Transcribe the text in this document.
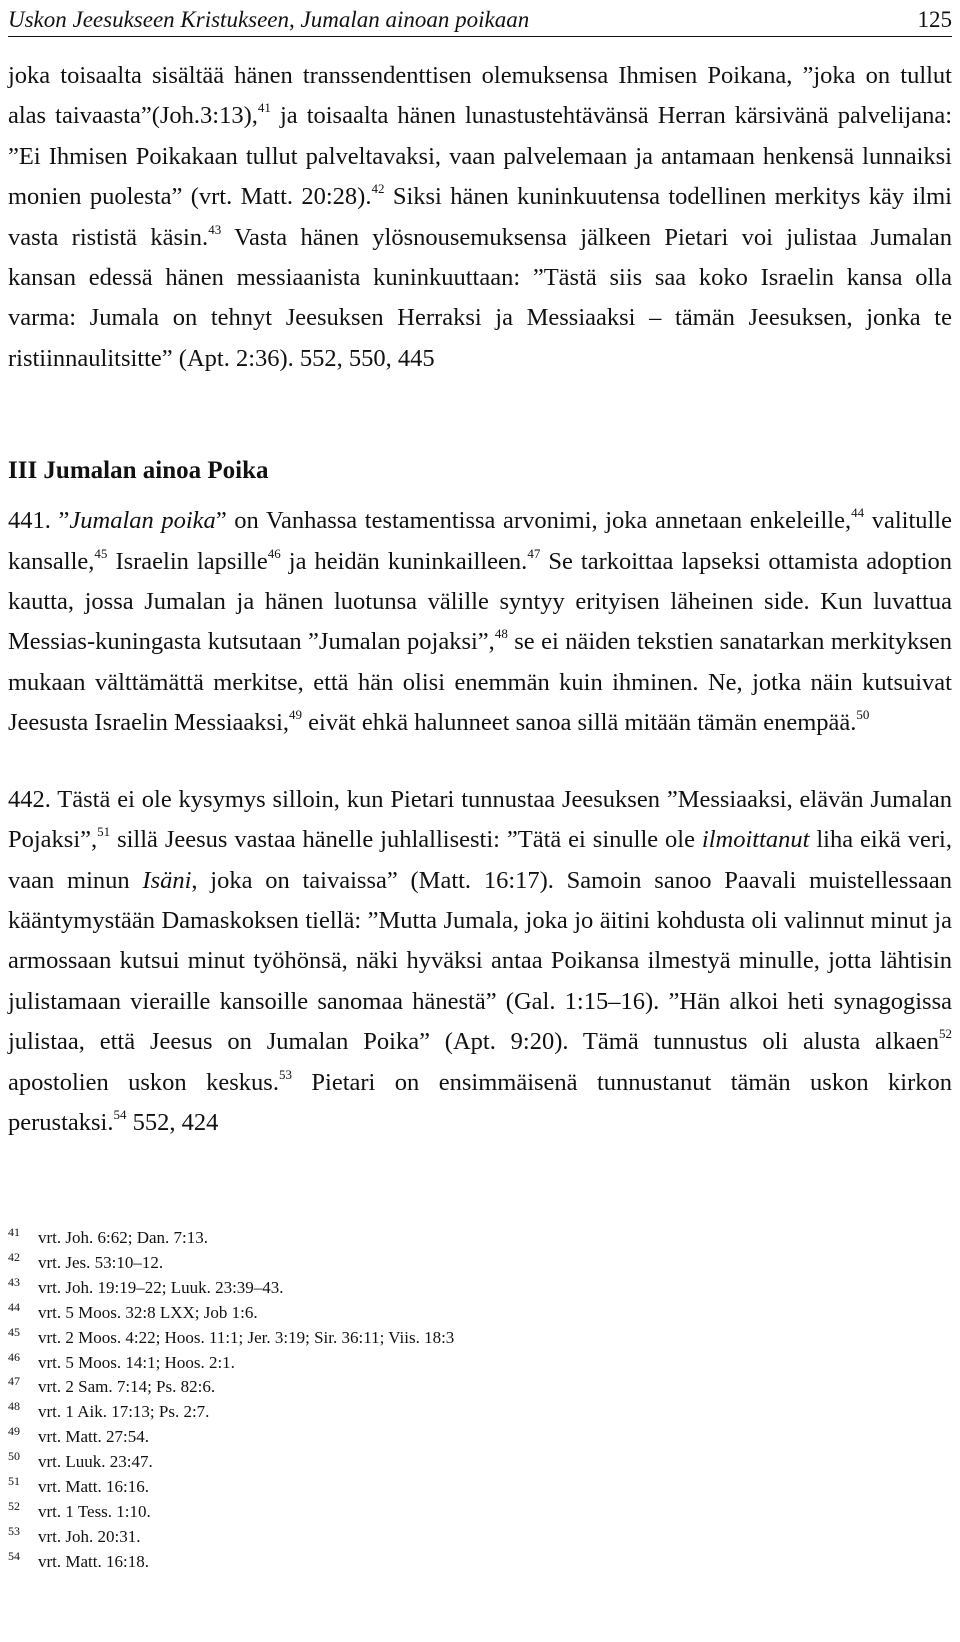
Uskon Jeesukseen Kristukseen, Jumalan ainoan poikaan	125

joka toisaalta sisältää hänen transsendenttisen olemuksensa Ihmisen Poikana, ”joka on tullut alas taivaasta”(Joh.3:13),$^{41}$ ja toisaalta hänen lunastustehtävänsä Herran kärsivänä palvelijana: ”Ei Ihmisen Poikakaan tullut palveltavaksi, vaan palvelemaan ja antamaan henkensä lunnaiksi monien puolesta” (vrt. Matt. 20:28).$^{42}$ Siksi hänen kuninkuutensa todellinen merkitys käy ilmi vasta rististä käsin.$^{43}$ Vasta hänen ylösnousemuksensa jälkeen Pietari voi julistaa Jumalan kansan edessä hänen messiaanista kuninkuuttaan: ”Tästä siis saa koko Israelin kansa olla varma: Jumala on tehnyt Jeesuksen Herraksi ja Messiaaksi – tämän Jeesuksen, jonka te ristiinnaulitsitte” (Apt. 2:36). 552, 550, 445

III Jumalan ainoa Poika

441. ”Jumalan poika” on Vanhassa testamentissa arvonimi, joka annetaan enkeleille,$^{44}$ valitulle kansalle,$^{45}$ Israelin lapsille$^{46}$ ja heidän kuninkailleen.$^{47}$ Se tarkoittaa lapseksi ottamista adoption kautta, jossa Jumalan ja hänen luotunsa välille syntyy erityisen läheinen side. Kun luvattua Messias-kuningasta kutsutaan ”Jumalan pojaksi”,$^{48}$ se ei näiden tekstien sanatarkan merkityksen mukaan välttämättä merkitse, että hän olisi enemmän kuin ihminen. Ne, jotka näin kutsuivat Jeesusta Israelin Messiaaksi,$^{49}$ eivät ehkä halunneet sanoa sillä mitään tämän enempää.$^{50}$

442. Tästä ei ole kysymys silloin, kun Pietari tunnustaa Jeesuksen ”Messiaaksi, elävän Jumalan Pojaksi”,$^{51}$ sillä Jeesus vastaa hänelle juhlallisesti: ”Tätä ei sinulle ole ilmoittanut liha eikä veri, vaan minun Isäni, joka on taivaissa” (Matt. 16:17). Samoin sanoo Paavali muistellessaan kääntymystään Damaskoksen tiellä: ”Mutta Jumala, joka jo äitini kohdusta oli valinnut minut ja armossaan kutsui minut työhönsä, näki hyväksi antaa Poikansa ilmestyä minulle, jotta lähtisin julistamaan vieraille kansoille sanomaa hänestä” (Gal. 1:15–16). ”Hän alkoi heti synagogissa julistaa, että Jeesus on Jumalan Poika” (Apt. 9:20). Tämä tunnustus oli alusta alkaen$^{52}$ apostolien uskon keskus.$^{53}$ Pietari on ensimmäisenä tunnustanut tämän uskon kirkon perustaksi.$^{54}$ 552, 424

41	vrt. Joh. 6:62; Dan. 7:13.
42	vrt. Jes. 53:10–12.
43	vrt. Joh. 19:19–22; Luuk. 23:39–43.
44	vrt. 5 Moos. 32:8 LXX; Job 1:6.
45	vrt. 2 Moos. 4:22; Hoos. 11:1; Jer. 3:19; Sir. 36:11; Viis. 18:3
46	vrt. 5 Moos. 14:1; Hoos. 2:1.
47	vrt. 2 Sam. 7:14; Ps. 82:6.
48	vrt. 1 Aik. 17:13; Ps. 2:7.
49	vrt. Matt. 27:54.
50	vrt. Luuk. 23:47.
51	vrt. Matt. 16:16.
52	vrt. 1 Tess. 1:10.
53	vrt. Joh. 20:31.
54	vrt. Matt. 16:18.
